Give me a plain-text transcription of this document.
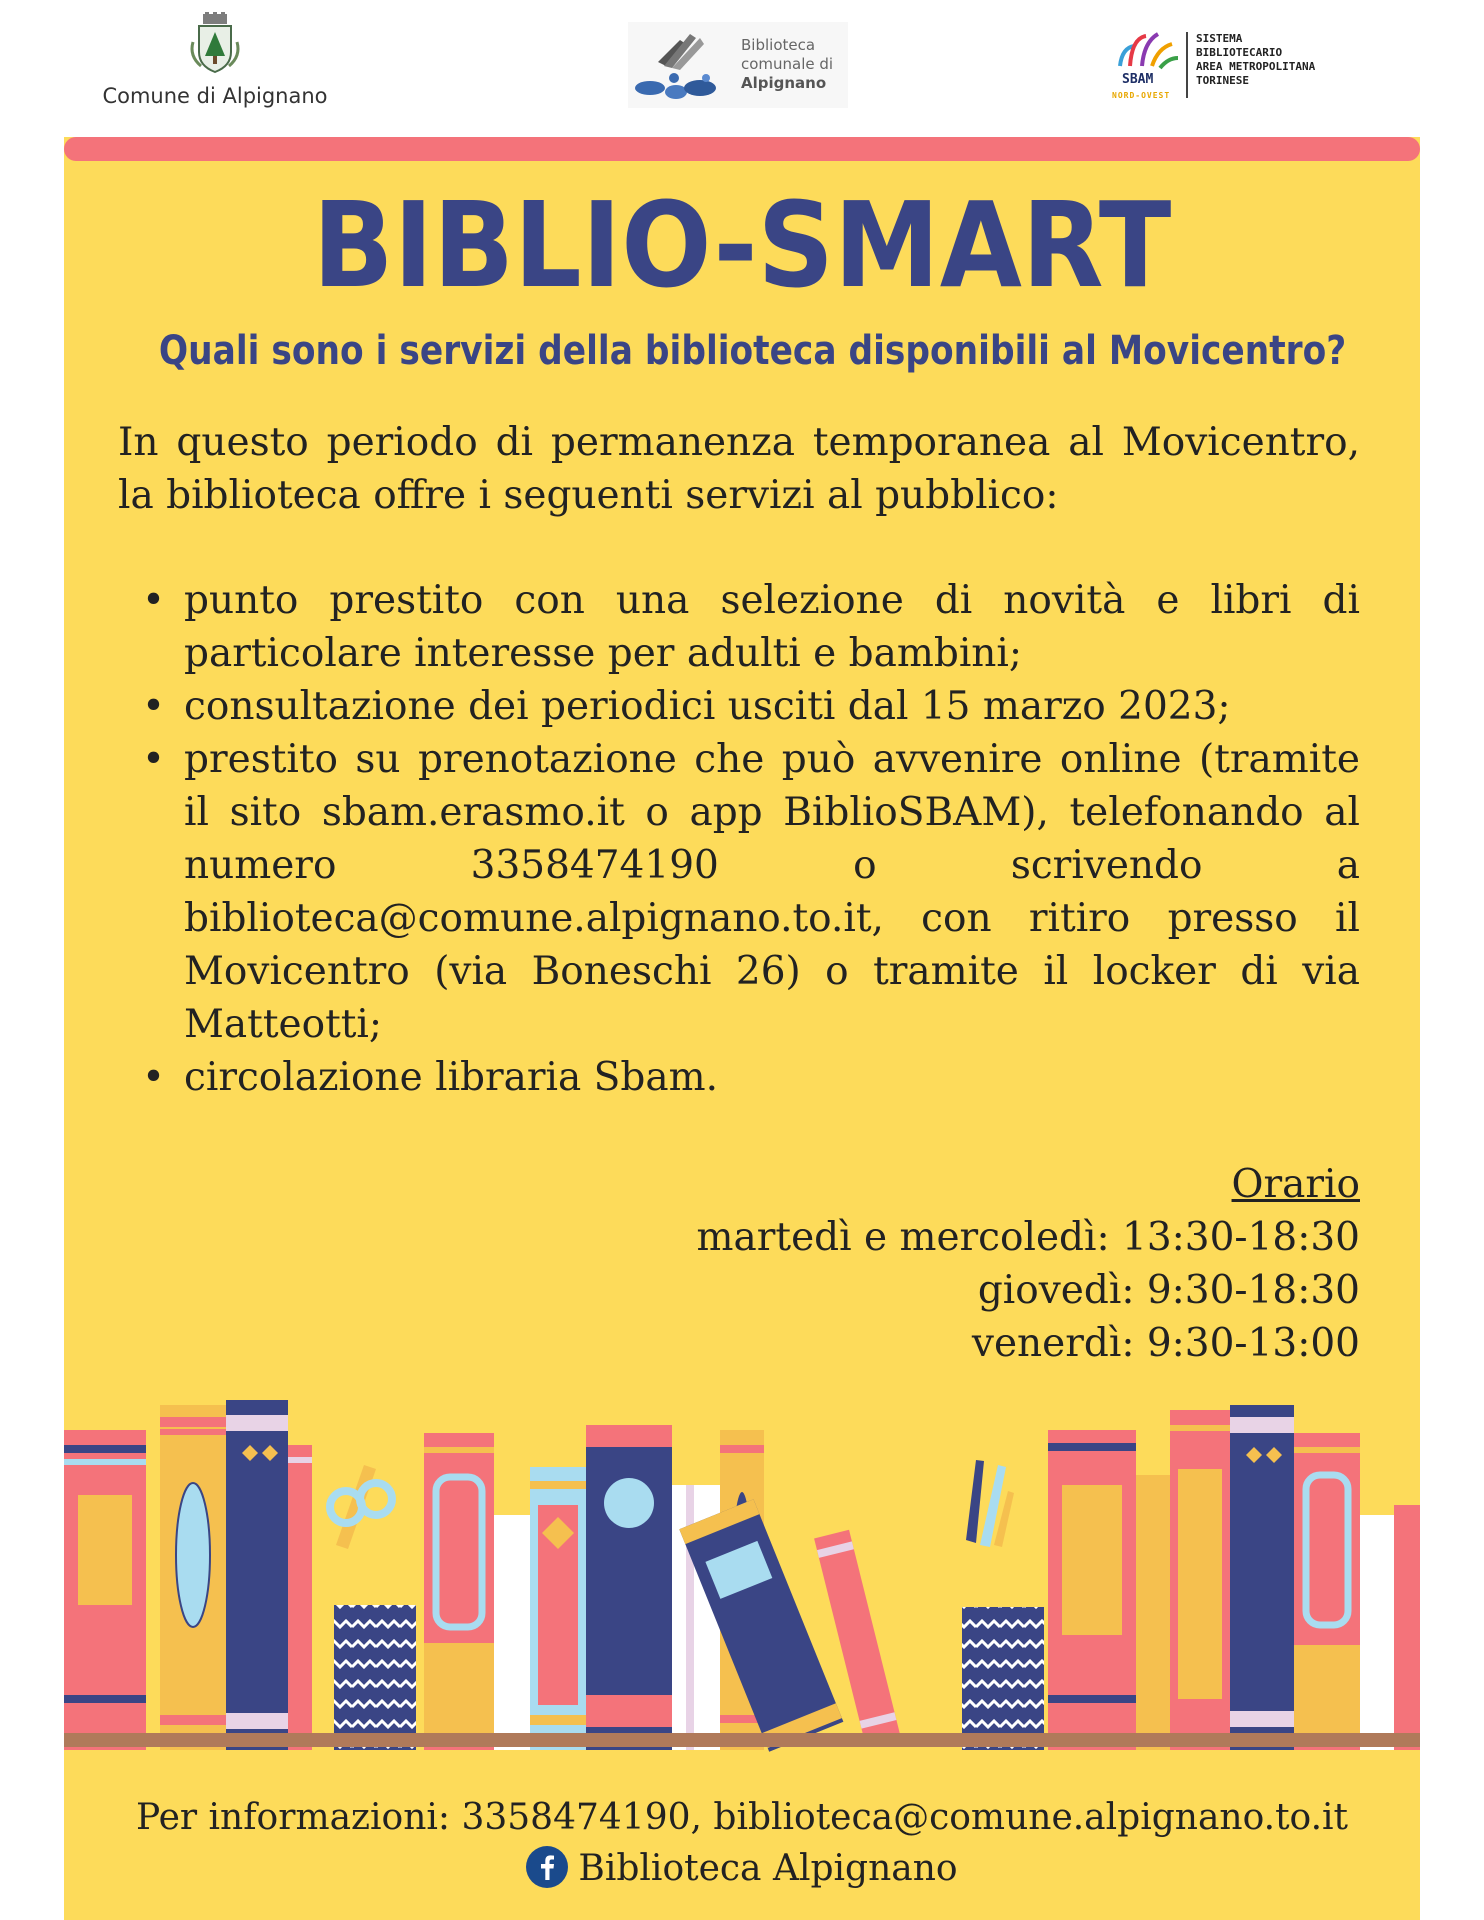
Comune di Alpignano
Biblioteca
comunale di
Alpignano	SBAM
NORD-OVEST
SISTEMA
BIBLIOTECARIO
AREA METROPOLITANA
TORINESE
BIBLIO-SMART
Quali sono i servizi della biblioteca disponibili al Movicentro?
In questo periodo di permanenza temporanea al Movicentro, la biblioteca offre i seguenti servizi al pubblico:
• punto prestito con una selezione di novità e libri di particolare interesse per adulti e bambini;
• consultazione dei periodici usciti dal 15 marzo 2023;
• prestito su prenotazione che può avvenire online (tramite il sito sbam.erasmo.it o app BiblioSBAM), telefonando al numero 3358474190 o scrivendo a biblioteca@comune.alpignano.to.it, con ritiro presso il Movicentro (via Boneschi 26) o tramite il locker di via Matteotti;
• circolazione libraria Sbam.
Orario
martedì e mercoledì: 13:30-18:30
giovedì: 9:30-18:30
venerdì: 9:30-13:00
Per informazioni: 3358474190, biblioteca@comune.alpignano.to.it
Biblioteca Alpignano
